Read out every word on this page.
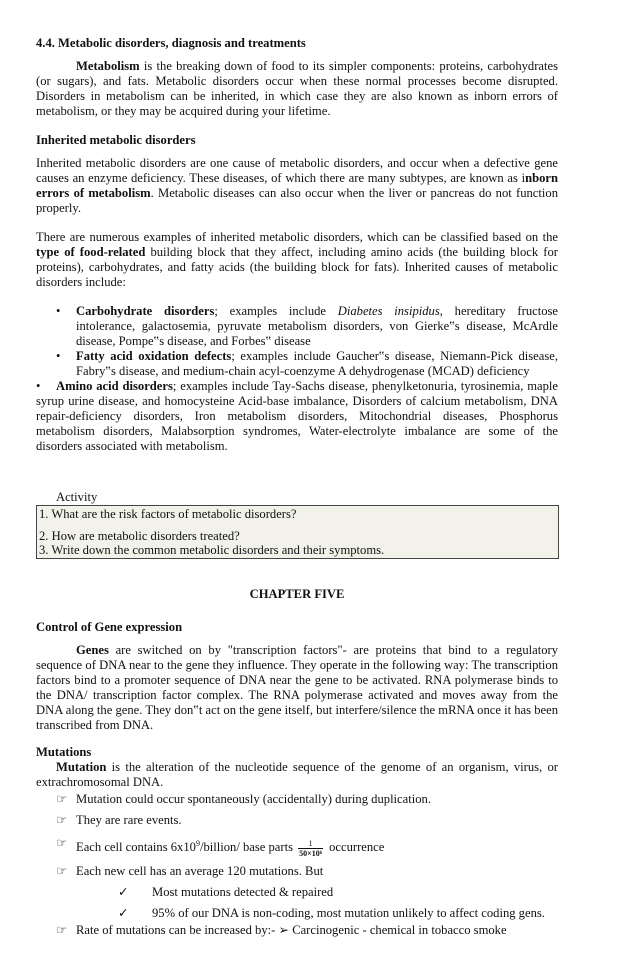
4.4. Metabolic disorders, diagnosis and treatments

Metabolism is the breaking down of food to its simpler components: proteins, carbohydrates (or sugars), and fats. Metabolic disorders occur when these normal processes become disrupted. Disorders in metabolism can be inherited, in which case they are also known as inborn errors of metabolism, or they may be acquired during your lifetime.

Inherited metabolic disorders

Inherited metabolic disorders are one cause of metabolic disorders, and occur when a defective gene causes an enzyme deficiency. These diseases, of which there are many subtypes, are known as inborn errors of metabolism. Metabolic diseases can also occur when the liver or pancreas do not function properly.

There are numerous examples of inherited metabolic disorders, which can be classified based on the type of food-related building block that they affect, including amino acids (the building block for proteins), carbohydrates, and fatty acids (the building block for fats). Inherited causes of metabolic disorders include:

• Carbohydrate disorders; examples include Diabetes insipidus, hereditary fructose intolerance, galactosemia, pyruvate metabolism disorders, von Gierke‟s disease, McArdle disease, Pompe‟s disease, and Forbes‟ disease
• Fatty acid oxidation defects; examples include Gaucher‟s disease, Niemann-Pick disease, Fabry‟s disease, and medium-chain acyl-coenzyme A dehydrogenase (MCAD) deficiency

• Amino acid disorders; examples include Tay-Sachs disease, phenylketonuria, tyrosinemia, maple syrup urine disease, and homocysteine Acid-base imbalance, Disorders of calcium metabolism, DNA repair-deficiency disorders, Iron metabolism disorders, Mitochondrial diseases, Phosphorus metabolism disorders, Malabsorption syndromes, Water-electrolyte imbalance are some of the disorders associated with metabolism.

Activity

1. What are the risk factors of metabolic disorders?

2. How are metabolic disorders treated?

3. Write down the common metabolic disorders and their symptoms.

CHAPTER FIVE

Control of Gene expression

Genes are switched on by "transcription factors"- are proteins that bind to a regulatory sequence of DNA near to the gene they influence. They operate in the following way: The transcription factors bind to a promoter sequence of DNA near the gene to be activated. RNA polymerase binds to the DNA/ transcription factor complex. The RNA polymerase activated and moves away from the DNA along the gene. They don‟t act on the gene itself, but interfere/silence the mRNA once it has been transcribed from DNA.

Mutations

Mutation is the alteration of the nucleotide sequence of the genome of an organism, virus, or extrachromosomal DNA.

☞ Mutation could occur spontaneously (accidentally) during duplication.
☞ They are rare events.
☞ Each cell contains $6x10^9/billion/$ base parts $\frac{1}{\text{50×10⁶}}$ occurrence
☞ Each new cell has an average 120 mutations. But
✓ Most mutations detected & repaired
✓ 95% of our DNA is non-coding, most mutation unlikely to affect coding gens.
☞ Rate of mutations can be increased by:- ➢ Carcinogenic - chemical in tobacco smoke
